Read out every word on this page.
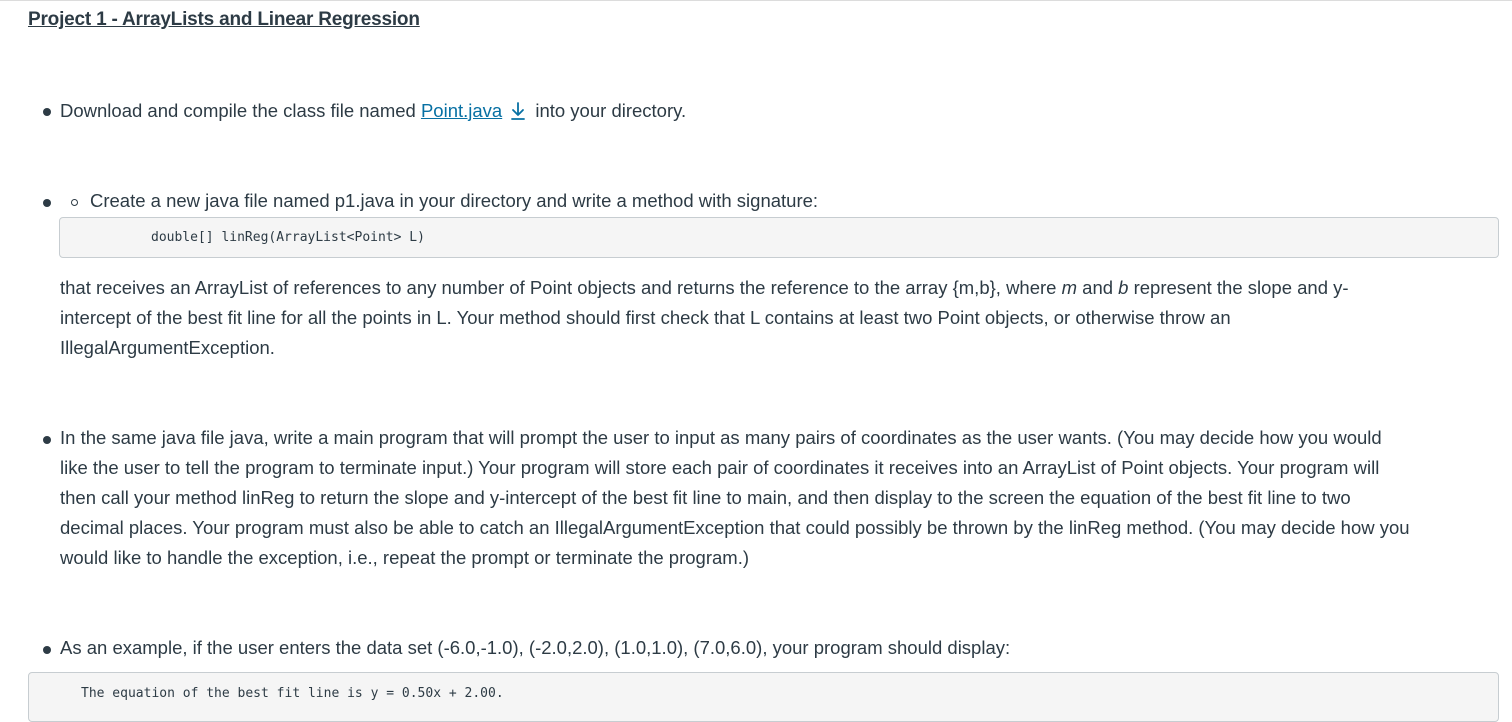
Project 1 - ArrayLists and Linear Regression

Download and compile the class file named Point.java into your directory.

Create a new java file named p1.java in your directory and write a method with signature:

double[] linReg(ArrayList<Point> L)

that receives an ArrayList of references to any number of Point objects and returns the reference to the array {m,b}, where m and b represent the slope and y-

intercept of the best fit line for all the points in L. Your method should first check that L contains at least two Point objects, or otherwise throw an

IllegalArgumentException.

In the same java file java, write a main program that will prompt the user to input as many pairs of coordinates as the user wants. (You may decide how you would

like the user to tell the program to terminate input.) Your program will store each pair of coordinates it receives into an ArrayList of Point objects. Your program will

then call your method linReg to return the slope and y-intercept of the best fit line to main, and then display to the screen the equation of the best fit line to two

decimal places. Your program must also be able to catch an IllegalArgumentException that could possibly be thrown by the linReg method. (You may decide how you

would like to handle the exception, i.e., repeat the prompt or terminate the program.)

As an example, if the user enters the data set (-6.0,-1.0), (-2.0,2.0), (1.0,1.0), (7.0,6.0), your program should display:

The equation of the best fit line is y = 0.50x + 2.00.
